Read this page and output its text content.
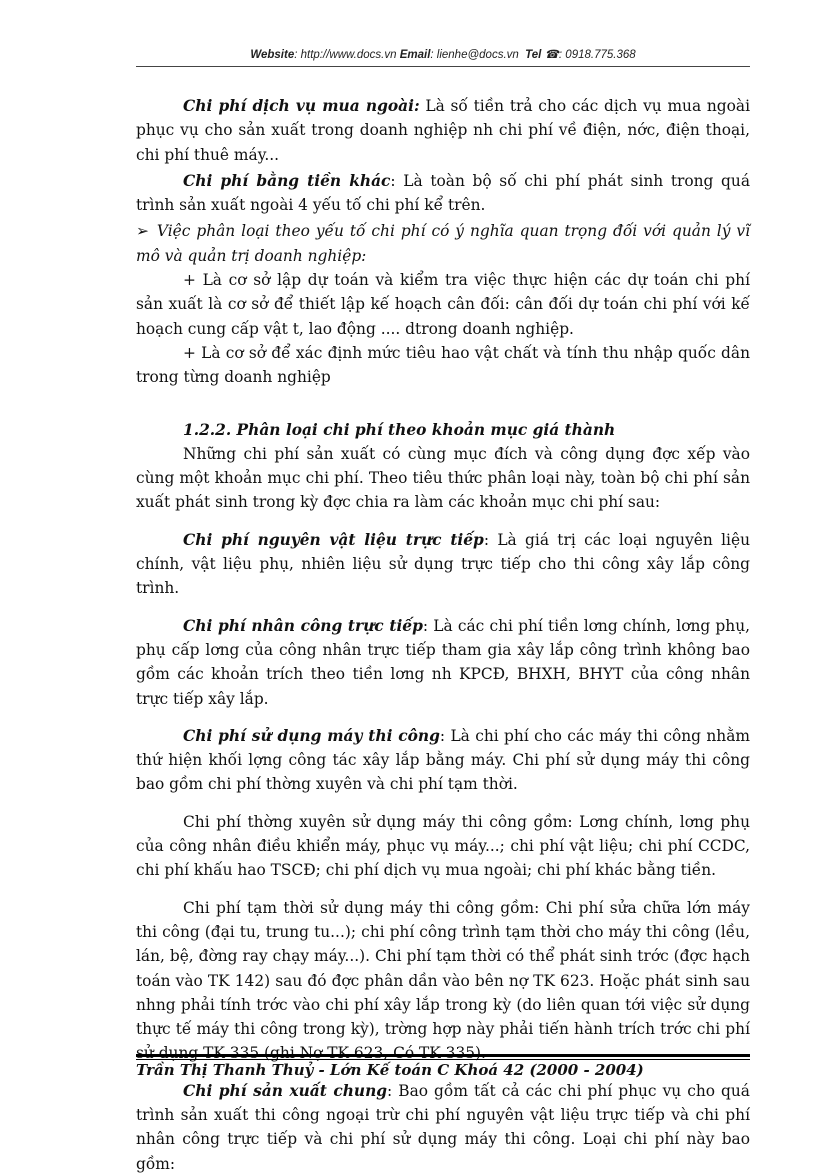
Website: http://www.docs.vn Email: lienhe@docs.vn Tel ☎: 0918.775.368

Chi phí dịch vụ mua ngoài: Là số tiền trả cho các dịch vụ mua ngoài phục vụ cho sản xuất trong doanh nghiệp nh chi phí về điện, nớc, điện thoại, chi phí thuê máy...

Chi phí bằng tiền khác: Là toàn bộ số chi phí phát sinh trong quá trình sản xuất ngoài 4 yếu tố chi phí kể trên.

➢ Việc phân loại theo yếu tố chi phí có ý nghĩa quan trọng đối với quản lý vĩ mô và quản trị doanh nghiệp:

+ Là cơ sở lập dự toán và kiểm tra việc thực hiện các dự toán chi phí sản xuất là cơ sở để thiết lập kế hoạch cân đối: cân đối dự toán chi phí với kế hoạch cung cấp vật t, lao động .... dtrong doanh nghiệp.

+ Là cơ sở để xác định mức tiêu hao vật chất và tính thu nhập quốc dân trong từng doanh nghiệp

1.2.2. Phân loại chi phí theo khoản mục giá thành

Những chi phí sản xuất có cùng mục đích và công dụng đợc xếp vào cùng một khoản mục chi phí. Theo tiêu thức phân loại này, toàn bộ chi phí sản xuất phát sinh trong kỳ đợc chia ra làm các khoản mục chi phí sau:

Chi phí nguyên vật liệu trực tiếp: Là giá trị các loại nguyên liệu chính, vật liệu phụ, nhiên liệu sử dụng trực tiếp cho thi công xây lắp công trình.

Chi phí nhân công trực tiếp: Là các chi phí tiền lơng chính, lơng phụ, phụ cấp lơng của công nhân trực tiếp tham gia xây lắp công trình không bao gồm các khoản trích theo tiền lơng nh KPCĐ, BHXH, BHYT của công nhân trực tiếp xây lắp.

Chi phí sử dụng máy thi công: Là chi phí cho các máy thi công nhằm thứ hiện khối lợng công tác xây lắp bằng máy. Chi phí sử dụng máy thi công bao gồm chi phí thờng xuyên và chi phí tạm thời.

Chi phí thờng xuyên sử dụng máy thi công gồm: Lơng chính, lơng phụ của công nhân điều khiển máy, phục vụ máy...; chi phí vật liệu; chi phí CCDC, chi phí khấu hao TSCĐ; chi phí dịch vụ mua ngoài; chi phí khác bằng tiền.

Chi phí tạm thời sử dụng máy thi công gồm: Chi phí sửa chữa lớn máy thi công (đại tu, trung tu...); chi phí công trình tạm thời cho máy thi công (lều, lán, bệ, đờng ray chạy máy...). Chi phí tạm thời có thể phát sinh trớc (đợc hạch toán vào TK 142) sau đó đợc phân dần vào bên nợ TK 623. Hoặc phát sinh sau nhng phải tính trớc vào chi phí xây lắp trong kỳ (do liên quan tới việc sử dụng thực tế máy thi công trong kỳ), trờng hợp này phải tiến hành trích trớc chi phí sử dụng TK 335 (ghi Nợ TK 623, Có TK 335).

Chi phí sản xuất chung: Bao gồm tất cả các chi phí phục vụ cho quá trình sản xuất thi công ngoại trừ chi phí nguyên vật liệu trực tiếp và chi phí nhân công trực tiếp và chi phí sử dụng máy thi công. Loại chi phí này bao gồm:

Trần Thị Thanh Thuỷ - Lớn Kế toán C Khoá 42 (2000 - 2004)
